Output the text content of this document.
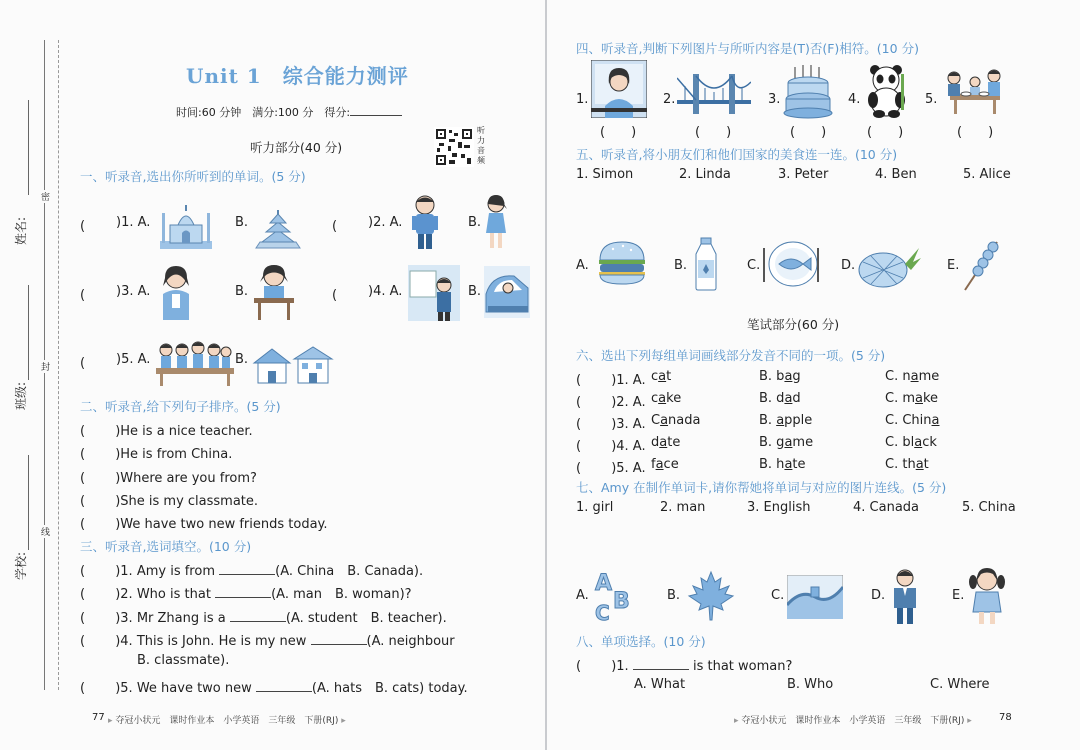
姓名:
班级:
学校:
密
封
线
Unit 1　综合能力测评
时间:60 分钟　 满分:100 分　 得分:
听力音频
听力部分(40 分)
一、听录音,选出你所听到的单词。(5 分)
(　　 )1. A.	B.	(　　 )2. A.	B.
(　　 )3. A.	B.	(　　 )4. A.	B.
(　　 )5. A.	B.
二、听录音,给下列句子排序。(5 分)
(　　 )He is a nice teacher.
(　　 )He is from China.
(　　 )Where are you from?
(　　 )She is my classmate.
(　　 )We have two new friends today.
三、听录音,选词填空。(10 分)
(　　 )1. Amy is from	(A. China　B. Canada).
(　　 )2. Who is that	(A. man　B. woman)?
(　　 )3. Mr Zhang is a	(A. student　B. teacher).
(　　 )4. This is John. He is my new	(A. neighbour
B. classmate).
(　　 )5. We have two new	(A. hats　B. cats) today.
77 ▸ 夺冠小状元　课时作业本　小学英语　三年级　下册(RJ) ▸
四、听录音,判断下列图片与所听内容是(T)否(F)相符。(10 分)
1.
(　　)
2.
(　　)
3.
(　　)
4.
(　　)
5.
(　　)
五、听录音,将小朋友们和他们国家的美食连一连。(10 分)
1. Simon	2. Linda	3. Peter	4. Ben	5. Alice
A.	B.	C.	D.	E.
笔试部分(60 分)
六、选出下列每组单词画线部分发音不同的一项。(5 分)
(　　 )1. A. cat	B. bag	C. name
(　　 )2. A. cake	B. dad	C. make
(　　 )3. A. Canada	B. apple	C. China
(　　 )4. A. date	B. game	C. black
(　　 )5. A. face	B. hate	C. that
七、Amy 在制作单词卡,请你帮她将单词与对应的图片连线。(5 分)
1. girl	2. man	3. English	4. Canada	5. China
A. A
B
C
B.	C.	D.	E.
八、单项选择。(10 分)
(　　 )1.	is that woman?
A. What	B. Who	C. Where
▸ 夺冠小状元　课时作业本　小学英语　三年级　下册(RJ) ▸	78
